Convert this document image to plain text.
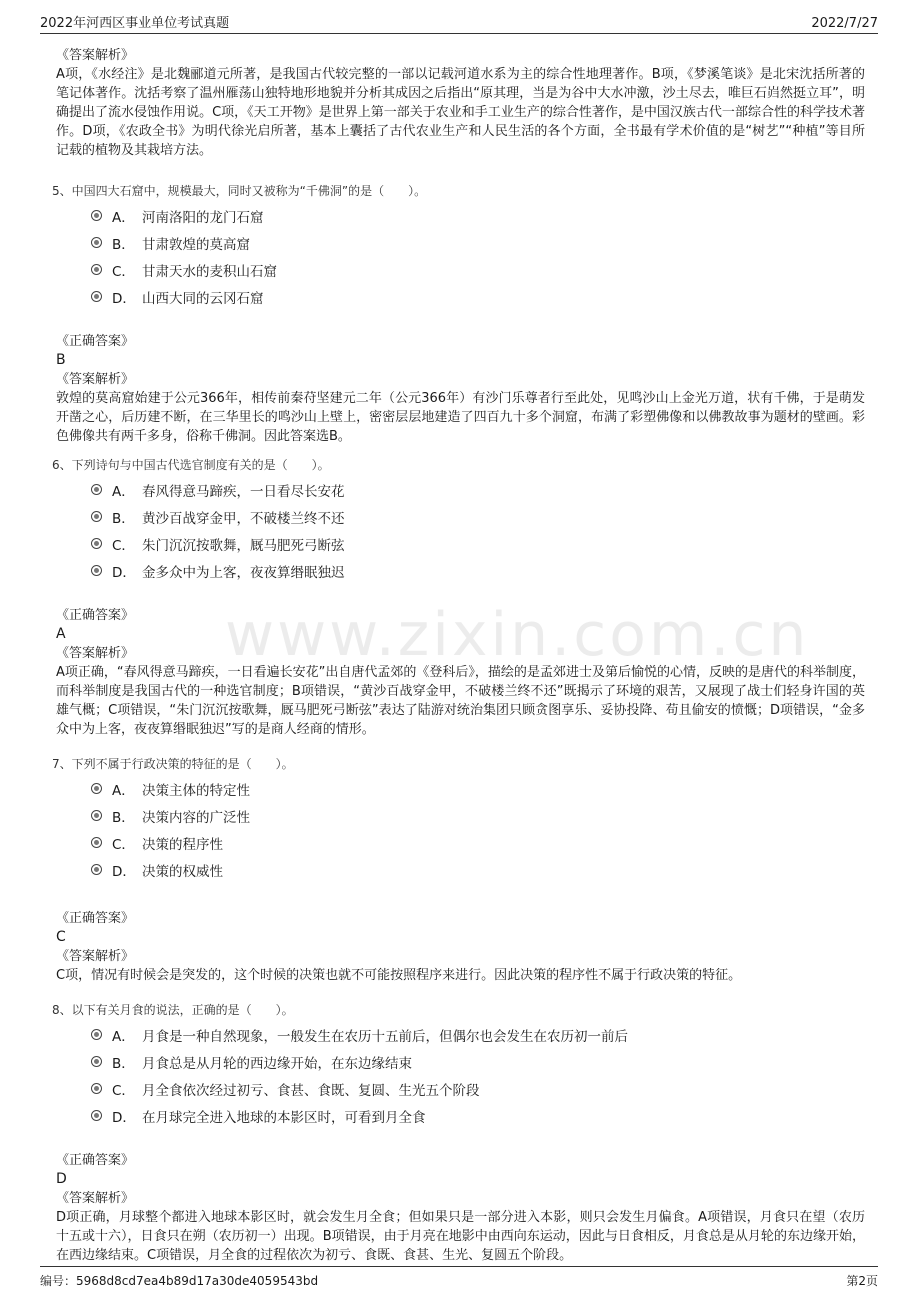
2022年河西区事业单位考试真题	2022/7/27
www.zixin.com.cn
《答案解析》
A项，《水经注》是北魏郦道元所著，是我国古代较完整的一部以记载河道水系为主的综合性地理著作。B项，《梦溪笔谈》是北宋沈括所著的笔记体著作。沈括考察了温州雁荡山独特地形地貌并分析其成因之后指出“原其理，当是为谷中大水冲激，沙土尽去，唯巨石岿然挺立耳”，明确提出了流水侵蚀作用说。C项，《天工开物》是世界上第一部关于农业和手工业生产的综合性著作，是中国汉族古代一部综合性的科学技术著作。D项，《农政全书》为明代徐光启所著，基本上囊括了古代农业生产和人民生活的各个方面，全书最有学术价值的是“树艺”“种植”等目所记载的植物及其栽培方法。
5、中国四大石窟中，规模最大，同时又被称为“千佛洞”的是（　　）。
A． 河南洛阳的龙门石窟
B． 甘肃敦煌的莫高窟
C． 甘肃天水的麦积山石窟
D． 山西大同的云冈石窟
《正确答案》
B
《答案解析》
敦煌的莫高窟始建于公元366年，相传前秦苻坚建元二年（公元366年）有沙门乐尊者行至此处，见鸣沙山上金光万道，状有千佛，于是萌发开凿之心，后历建不断，在三华里长的鸣沙山上壁上，密密层层地建造了四百九十多个洞窟，布满了彩塑佛像和以佛教故事为题材的壁画。彩色佛像共有两千多身，俗称千佛洞。因此答案选B。
6、下列诗句与中国古代选官制度有关的是（　　）。
A． 春风得意马蹄疾，一日看尽长安花
B． 黄沙百战穿金甲，不破楼兰终不还
C． 朱门沉沉按歌舞，厩马肥死弓断弦
D． 金多众中为上客，夜夜算缗眠独迟
《正确答案》
A
《答案解析》
A项正确，“春风得意马蹄疾，一日看遍长安花”出自唐代孟郊的《登科后》，描绘的是孟郊进士及第后愉悦的心情，反映的是唐代的科举制度，而科举制度是我国古代的一种选官制度；B项错误，“黄沙百战穿金甲，不破楼兰终不还”既揭示了环境的艰苦，又展现了战士们轻身许国的英雄气概；C项错误，“朱门沉沉按歌舞，厩马肥死弓断弦”表达了陆游对统治集团只顾贪图享乐、妥协投降、苟且偷安的愤慨；D项错误，“金多众中为上客，夜夜算缗眠独迟”写的是商人经商的情形。
7、下列不属于行政决策的特征的是（　　）。
A． 决策主体的特定性
B． 决策内容的广泛性
C． 决策的程序性
D． 决策的权威性
《正确答案》
C
《答案解析》
C项，情况有时候会是突发的，这个时候的决策也就不可能按照程序来进行。因此决策的程序性不属于行政决策的特征。
8、以下有关月食的说法，正确的是（　　）。
A． 月食是一种自然现象，一般发生在农历十五前后，但偶尔也会发生在农历初一前后
B． 月食总是从月轮的西边缘开始，在东边缘结束
C． 月全食依次经过初亏、食甚、食既、复圆、生光五个阶段
D． 在月球完全进入地球的本影区时，可看到月全食
《正确答案》
D
《答案解析》
D项正确，月球整个都进入地球本影区时，就会发生月全食；但如果只是一部分进入本影，则只会发生月偏食。A项错误，月食只在望（农历十五或十六），日食只在朔（农历初一）出现。B项错误，由于月亮在地影中由西向东运动，因此与日食相反，月食总是从月轮的东边缘开始，在西边缘结束。C项错误，月全食的过程依次为初亏、食既、食甚、生光、复圆五个阶段。
编号：5968d8cd7ea4b89d17a30de4059543bd	第2页
